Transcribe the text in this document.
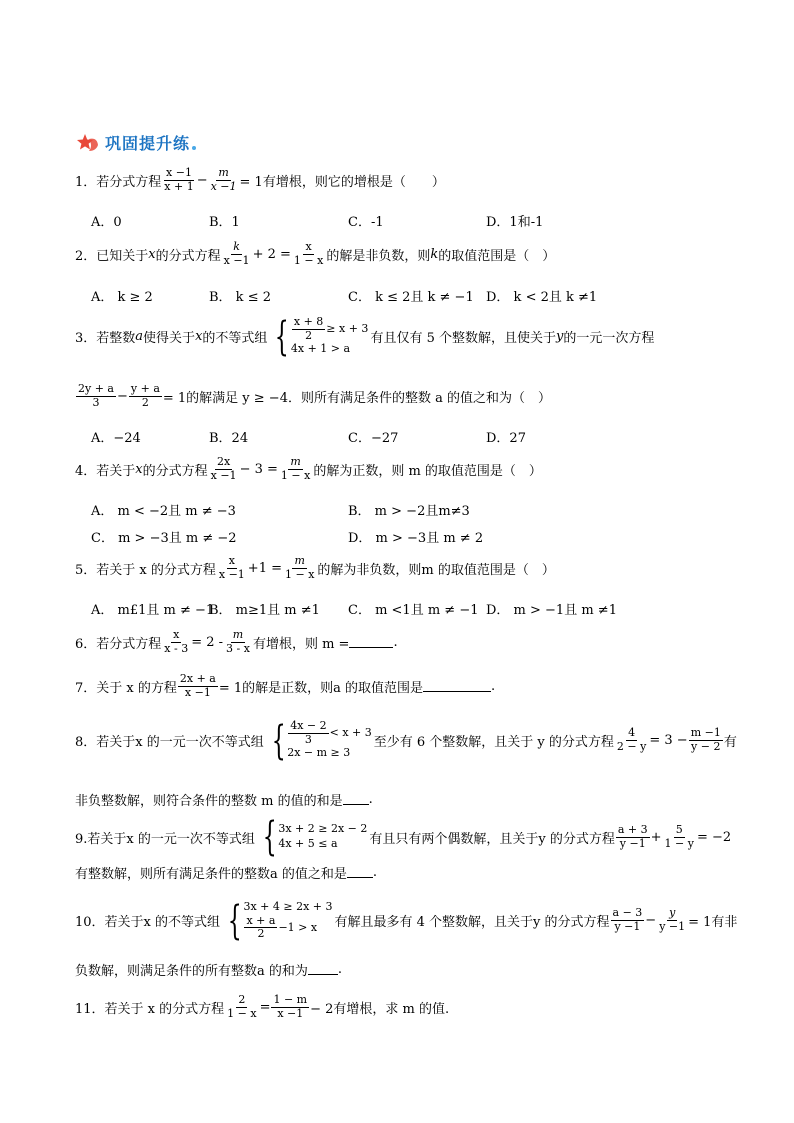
巩固提升练
1．若分式方程 $\frac{x -1}{x + 1} - \frac{m}{x -1} = 1$有增根，则它的增根是（　　）
A．0	B．1	C．-1	D．1和-1
2．已知关于 x 的分式方程 $\frac{k}{x -1} + 2 = \frac{x}{1 - x}$ 的解是非负数，则 k 的取值范围是（　）
A． k ≥ 2	B． k ≤ 2	C． k ≤ 2且 k ≠ −1 D． k < 2且 k ≠1
3．若整数 a 使得关于 x 的不等式组 { $\frac{x + 8}{2} \ge x + 3$
4x + 1 > a
有且仅有 5 个整数解，且使关于 y 的一元一次方程
$\frac{2y + a}{3} - \frac{y + a}{2} = 1$的解满足 y ≥ −4．则所有满足条件的整数 a 的值之和为（　）
A．−24	B．24	C．−27	D．27
4．若关于 x 的分式方程 $\frac{2x}{x -1} - 3 = \frac{m}{1 - x}$ 的解为正数，则 m 的取值范围是（　）
A． m < −2且 m ≠ −3	B． m > −2且m≠3
C． m > −3且 m ≠ −2	D． m > −3且 m ≠ 2
5．若关于 x 的分式方程 $\frac{x}{x -1} +1 = \frac{m}{1 - x}$ 的解为非负数，则m 的取值范围是（　）
A． m£1且 m ≠ −1
B． m≥1且 m ≠1 C． m <1且 m ≠ −1 D． m > −1且 m ≠1
6．若分式方程 $\frac{x}{x - 3} = 2 - \frac{m}{3 - x}$ 有增根，则 m =	.
7．关于 x 的方程 $\frac{2x + a}{x -1} = 1$的解是正数，则a 的取值范围是	.
8．若关于x 的一元一次不等式组 { $\frac{4x - 2}{3} < x + 3$
2x − m ≥ 3
至少有 6 个整数解，且关于 y 的分式方程 $\frac{4}{2 - y} = 3 - \frac{m -1}{y - 2}$ 有
非负整数解，则符合条件的整数 m 的值的和是 .
9.若关于x 的一元一次不等式组 { 3x + 2 ≥ 2x − 2
4x + 5 ≤ a	有且只有两个偶数解，且关于y 的分式方程 $\frac{a + 3}{y -1} + \frac{5}{1 - y} = -2$
有整数解，则所有满足条件的整数a 的值之和是 .
10．若关于x 的不等式组 { 3x + 4 ≥ 2x + 3
$\frac{x + a}{2} -1 > x$ 有解且最多有 4 个整数解，且关于y 的分式方程 $\frac{a - 3}{y -1} - \frac{y}{y -1} = 1$有非
负数解，则满足条件的所有整数a 的和为 .
11．若关于 x 的分式方程 $\frac{2}{1 - x} = \frac{1 - m}{x -1} - 2$有增根，求 m 的值.
